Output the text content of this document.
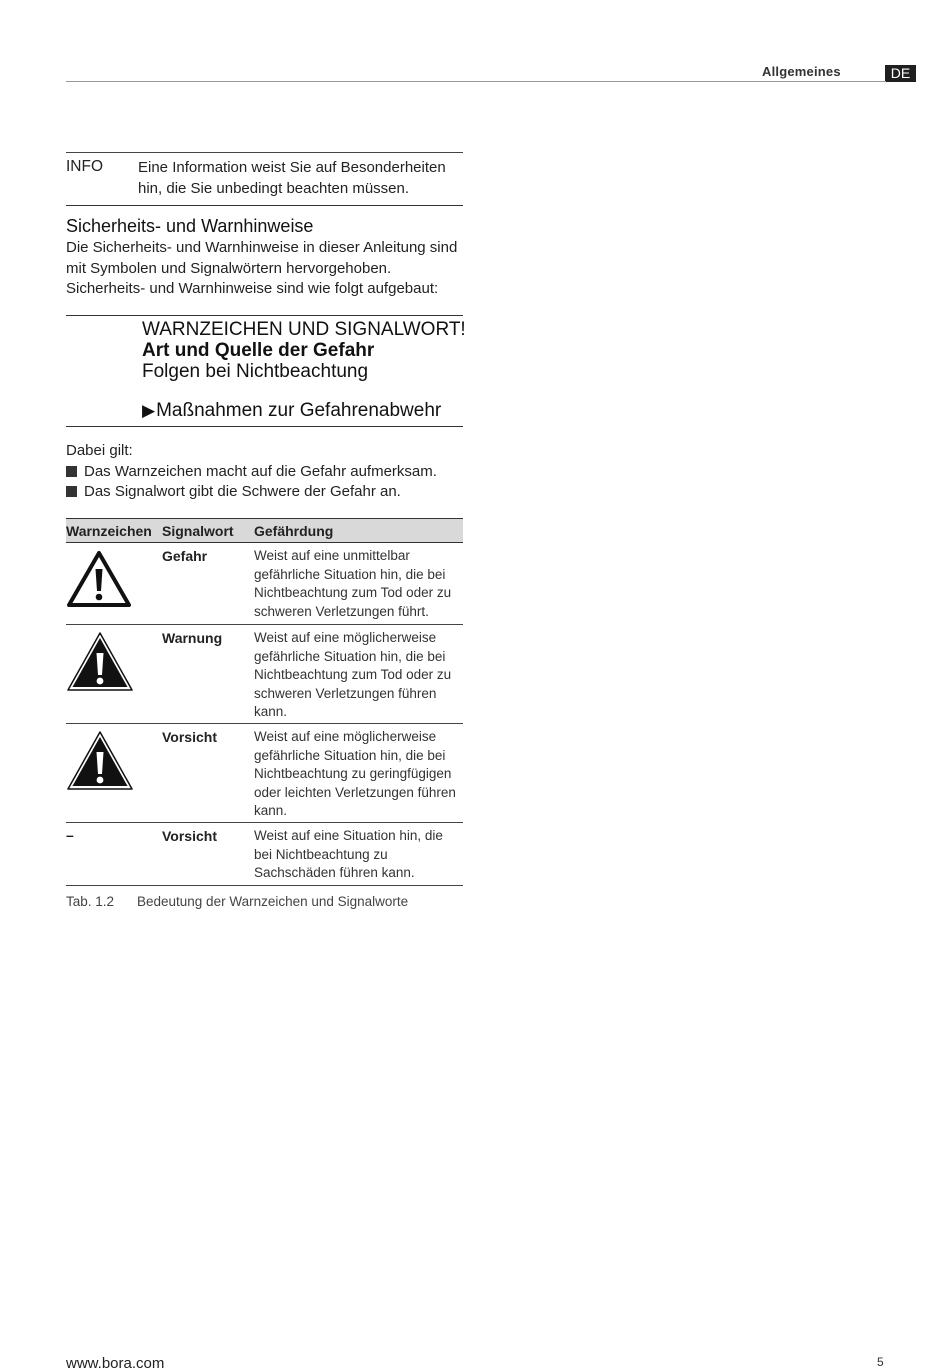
Allgemeines	DE
INFO Eine Information weist Sie auf Besonderheiten hin, die Sie unbedingt beachten müssen.
Sicherheits- und Warnhinweise
Die Sicherheits- und Warnhinweise in dieser Anleitung sind mit Symbolen und Signalwörtern hervorgehoben. Sicherheits- und Warnhinweise sind wie folgt aufgebaut:
WARNZEICHEN UND SIGNALWORT!
Art und Quelle der Gefahr
Folgen bei Nichtbeachtung
▶Maßnahmen zur Gefahrenabwehr
Dabei gilt:
Das Warnzeichen macht auf die Gefahr aufmerksam.
Das Signalwort gibt die Schwere der Gefahr an.
Warnzeichen Signalwort Gefährdung
Gefahr	Weist auf eine unmittelbar gefährliche Situation hin, die bei Nichtbeachtung zum Tod oder zu schweren Verletzungen führt.
Warnung Weist auf eine möglicherweise gefährliche Situation hin, die bei Nichtbeachtung zum Tod oder zu schweren Verletzungen führen kann.
Vorsicht	Weist auf eine möglicherweise gefährliche Situation hin, die bei Nichtbeachtung zu geringfügigen oder leichten Verletzungen führen kann.
–	Vorsicht	Weist auf eine Situation hin, die bei Nichtbeachtung zu Sachschäden führen kann.
Tab. 1.2 Bedeutung der Warnzeichen und Signalworte
www.bora.com	5
